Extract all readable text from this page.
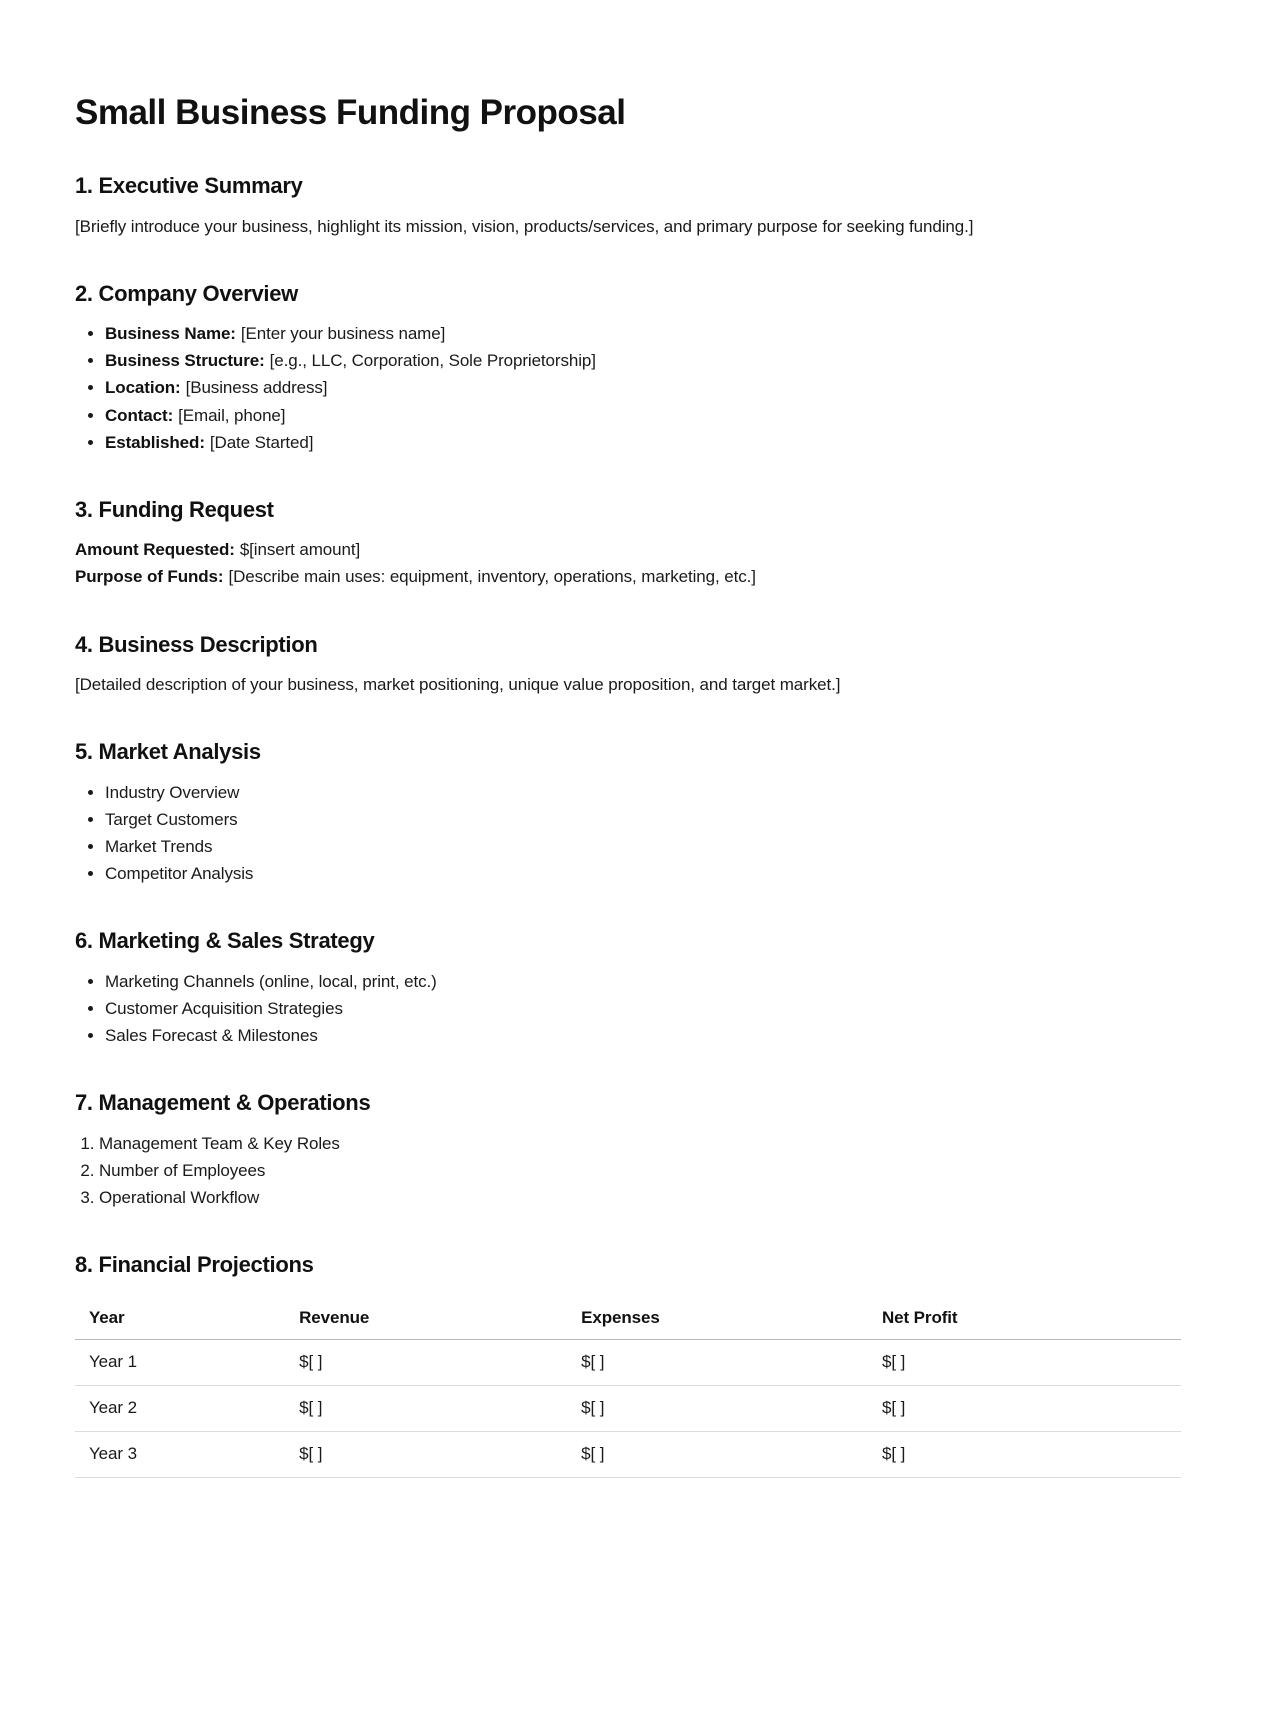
Small Business Funding Proposal
1. Executive Summary

[Briefly introduce your business, highlight its mission, vision, products/services, and primary purpose for seeking funding.]

2. Company Overview
• Business Name: [Enter your business name]
• Business Structure: [e.g., LLC, Corporation, Sole Proprietorship]
• Location: [Business address]
• Contact: [Email, phone]
• Established: [Date Started]
3. Funding Request
Amount Requested: $[insert amount]
Purpose of Funds: [Describe main uses: equipment, inventory, operations, marketing, etc.]
4. Business Description

[Detailed description of your business, market positioning, unique value proposition, and target market.]

5. Market Analysis
• Industry Overview
• Target Customers
• Market Trends
• Competitor Analysis
6. Marketing & Sales Strategy
• Marketing Channels (online, local, print, etc.)
• Customer Acquisition Strategies
• Sales Forecast & Milestones
7. Management & Operations
1. Management Team & Key Roles
2. Number of Employees
3. Operational Workflow
8. Financial Projections
Year	Revenue	Expenses	Net Profit
Year 1	$[ ]	$[ ]	$[ ]
Year 2	$[ ]	$[ ]	$[ ]
Year 3	$[ ]	$[ ]	$[ ]
